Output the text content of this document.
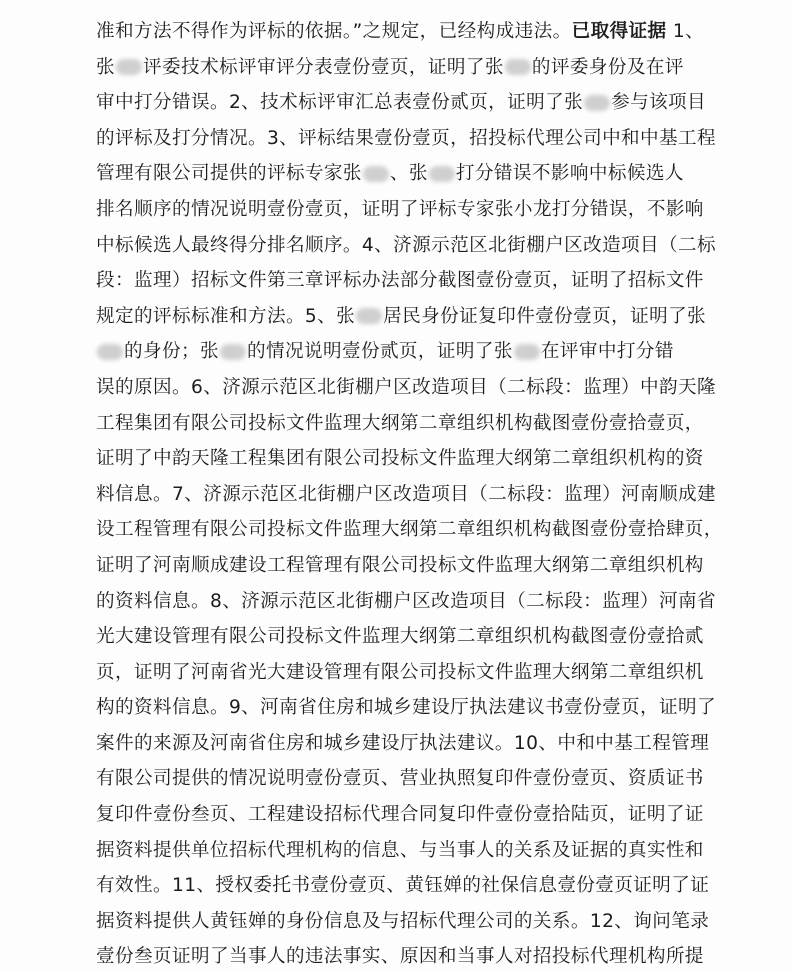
准和方法不得作为评标的依据。”之规定，已经构成违法。已取得证据 1、
张 评委技术标评审评分表壹份壹页，证明了张 的评委身份及在评
审中打分错误。2、技术标评审汇总表壹份贰页，证明了张 参与该项目
的评标及打分情况。3、评标结果壹份壹页，招投标代理公司中和中基工程
管理有限公司提供的评标专家张 、张 打分错误不影响中标候选人
排名顺序的情况说明壹份壹页，证明了评标专家张小龙打分错误，不影响
中标候选人最终得分排名顺序。4、济源示范区北街棚户区改造项目（二标
段：监理）招标文件第三章评标办法部分截图壹份壹页，证明了招标文件
规定的评标标准和方法。5、张 居民身份证复印件壹份壹页，证明了张
的身份；张 的情况说明壹份贰页，证明了张 在评审中打分错
误的原因。6、济源示范区北街棚户区改造项目（二标段：监理）中韵天隆
工程集团有限公司投标文件监理大纲第二章组织机构截图壹份壹拾壹页，
证明了中韵天隆工程集团有限公司投标文件监理大纲第二章组织机构的资
料信息。7、济源示范区北街棚户区改造项目（二标段：监理）河南顺成建
设工程管理有限公司投标文件监理大纲第二章组织机构截图壹份壹拾肆页，
证明了河南顺成建设工程管理有限公司投标文件监理大纲第二章组织机构
的资料信息。8、济源示范区北街棚户区改造项目（二标段：监理）河南省
光大建设管理有限公司投标文件监理大纲第二章组织机构截图壹份壹拾贰
页，证明了河南省光大建设管理有限公司投标文件监理大纲第二章组织机
构的资料信息。9、河南省住房和城乡建设厅执法建议书壹份壹页，证明了
案件的来源及河南省住房和城乡建设厅执法建议。10、中和中基工程管理
有限公司提供的情况说明壹份壹页、营业执照复印件壹份壹页、资质证书
复印件壹份叁页、工程建设招标代理合同复印件壹份壹拾陆页，证明了证
据资料提供单位招标代理机构的信息、与当事人的关系及证据的真实性和
有效性。11、授权委托书壹份壹页、黄钰婵的社保信息壹份壹页证明了证
据资料提供人黄钰婵的身份信息及与招标代理公司的关系。12、询问笔录
壹份叁页证明了当事人的违法事实、原因和当事人对招投标代理机构所提
